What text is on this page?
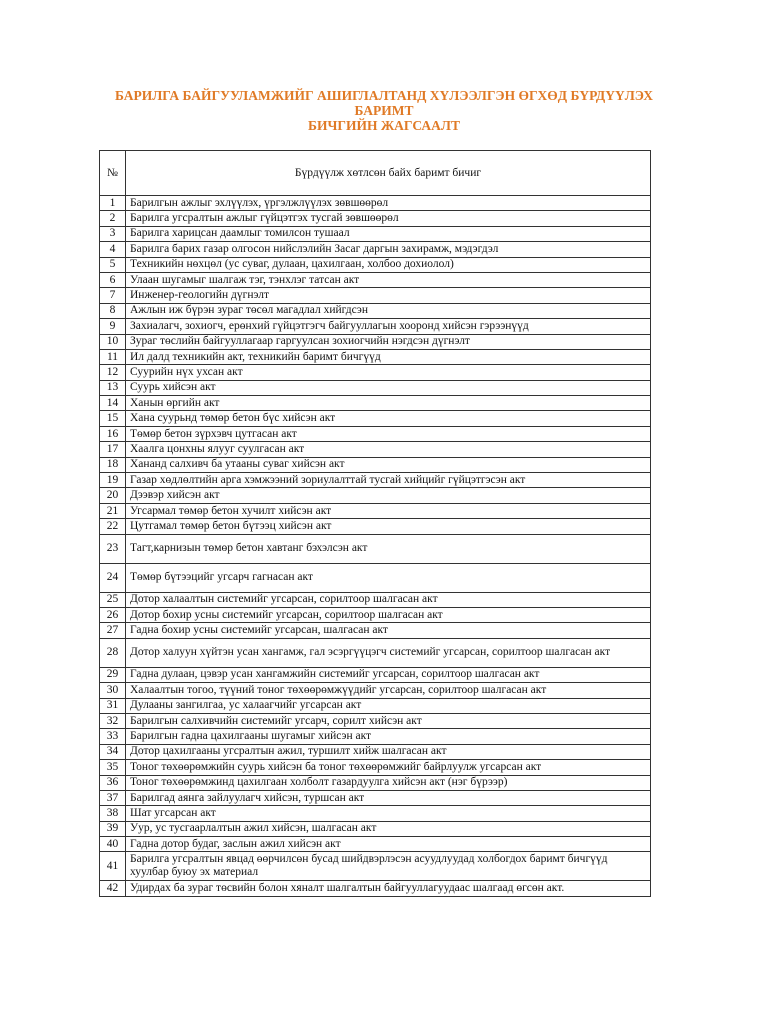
БАРИЛГА БАЙГУУЛАМЖИЙГ АШИГЛАЛТАНД ХҮЛЭЭЛГЭН ӨГХӨД БҮРДҮҮЛЭХ
БАРИМТ
БИЧГИЙН ЖАГСААЛТ
№	Бүрдүүлж хөтлсөн байх баримт бичиг
1	Барилгын ажлыг эхлүүлэх, үргэлжлүүлэх зөвшөөрөл
2	Барилга угсралтын ажлыг гүйцэтгэх тусгай зөвшөөрөл
3	Барилга харицсан даамлыг томилсон тушаал
4	Барилга барих газар олгосон нийслэлийн Засаг даргын захирамж, мэдэгдэл
5	Техникийн нөхцөл (ус суваг, дулаан, цахилгаан, холбоо дохиолол)
6	Улаан шугамыг шалгаж тэг, тэнхлэг татсан акт
7	Инженер-геологийн дүгнэлт
8	Ажлын иж бүрэн зураг төсөл магадлал хийгдсэн
9	Захиалагч, зохиогч, ерөнхий гүйцэтгэгч байгууллагын хооронд хийсэн гэрээнүүд
10	Зураг төслийн байгууллагаар гаргуулсан зохиогчийн нэгдсэн дүгнэлт
11	Ил далд техникийн акт, техникийн баримт бичгүүд
12	Суурийн нүх ухсан акт
13	Суурь хийсэн акт
14	Ханын өргийн акт
15	Хана суурьнд төмөр бетон бүс хийсэн акт
16	Төмөр бетон зүрхэвч цутгасан акт
17	Хаалга цонхны ялууг суулгасан акт
18	Хананд салхивч ба утааны суваг хийсэн акт
19	Газар хөдлөлтийн арга хэмжээний зориулалттай тусгай хийцийг гүйцэтгэсэн акт
20	Дээвэр хийсэн акт
21	Угсармал төмөр бетон хучилт хийсэн акт
22	Цутгамал төмөр бетон бүтээц хийсэн акт
23	Тагт,карнизын төмөр бетон хавтанг бэхэлсэн акт
24	Төмөр бүтээцийг угсарч гагнасан акт
25	Дотор халаалтын системийг угсарсан, сорилтоор шалгасан акт
26	Дотор бохир усны системийг угсарсан, сорилтоор шалгасан акт
27	Гадна бохир усны системийг угсарсан, шалгасан акт
28	Дотор халуун хүйтэн усан хангамж, гал эсэргүүцэгч системийг угсарсан, сорилтоор шалгасан акт
29	Гадна дулаан, цэвэр усан хангамжийн системийг угсарсан, сорилтоор шалгасан акт
30	Халаалтын тогоо, түүний тоног төхөөрөмжүүдийг угсарсан, сорилтоор шалгасан акт
31	Дулааны зангилгаа, ус халаагчийг угсарсан акт
32	Барилгын салхивчийн системийг угсарч, сорилт хийсэн акт
33	Барилгын гадна цахилгааны шугамыг хийсэн акт
34	Дотор цахилгааны угсралтын ажил, туршилт хийж шалгасан акт
35	Тоног төхөөрөмжийн суурь хийсэн ба тоног төхөөрөмжийг байрлуулж угсарсан акт
36	Тоног төхөөрөмжинд цахилгаан холболт газардуулга хийсэн акт (нэг бүрээр)
37	Барилгад аянга зайлуулагч хийсэн, туршсан акт
38	Шат угсарсан акт
39	Уур, ус тусгаарлалтын ажил хийсэн, шалгасан акт
40	Гадна дотор будаг, заслын ажил хийсэн акт
41	Барилга угсралтын явцад өөрчилсөн бусад шийдвэрлэсэн асуудлуудад холбогдох баримт бичгүүд хуулбар буюу эх материал
42	Удирдах ба зураг төсвийн болон хяналт шалгалтын байгууллагуудаас шалгаад өгсөн акт.
